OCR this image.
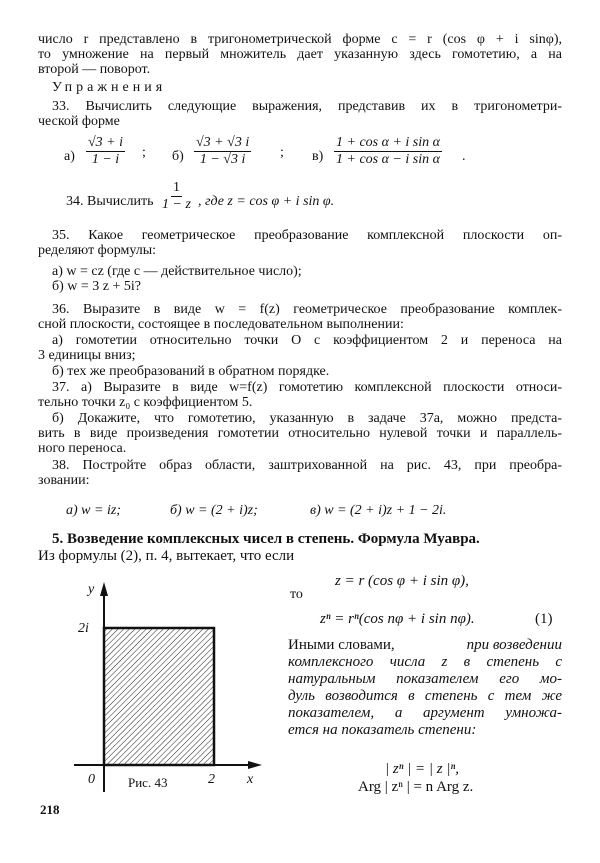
число r представлено в тригонометрической форме c = r (cos φ + i sinφ),
то умножение на первый множитель дает указанную здесь гомотетию, а на
второй — поворот.
Упражнения
33. Вычислить следующие выражения, представив их в тригонометри-
ческой форме
$а) \frac{√3 + i}{1 - i}$ ; $б) \frac{√3 + √3 i}{1 - √3 i}$ ; $в) \frac{\text{1 + cos α + i sin α}}{\text{1 + cos α − i sin α}}$ .
34. Вычислить $\frac{1}{1 - z}$ , где z = cos φ + i sin φ.
35. Какое геометрическое преобразование комплексной плоскости оп-
ределяют формулы:
а) w = cz (где c — действительное число);
б) w = 3 z + 5i?
36. Выразите в виде w = f(z) геометрическое преобразование комплек-
сной плоскости, состоящее в последовательном выполнении:
а) гомотетии относительно точки O с коэффициентом 2 и переноса на
3 единицы вниз;
б) тех же преобразований в обратном порядке.
37. а) Выразите в виде w=f(z) гомотетию комплексной плоскости относи-
тельно точки z₀ с коэффициентом 5.
б) Докажите, что гомотетию, указанную в задаче 37а, можно предста-
вить в виде произведения гомотетии относительно нулевой точки и параллель-
ного переноса.
38. Постройте образ области, заштрихованной на рис. 43, при преобра-
зовании:
а) w = iz;	б) w = (2 + i)z;	в) w = (2 + i)z + 1 − 2i.
5. Возведение комплексных чисел в степень. Формула Муавра.
Из формулы (2), п. 4, вытекает, что если
z = r (cos φ + i sin φ),
то
zⁿ = rⁿ(cos nφ + i sin nφ).	(1)
Иными словами,	при возведении
комплексного числа z в степень с
натуральным показателем его мо-
дуль возводится в степень с тем же
показателем, а аргумент умножа-
ется на показатель степени:
| zⁿ | = | z |ⁿ,
Arg | zⁿ | = n Arg z.
y
2i
0	2 x
Рис. 43
218
